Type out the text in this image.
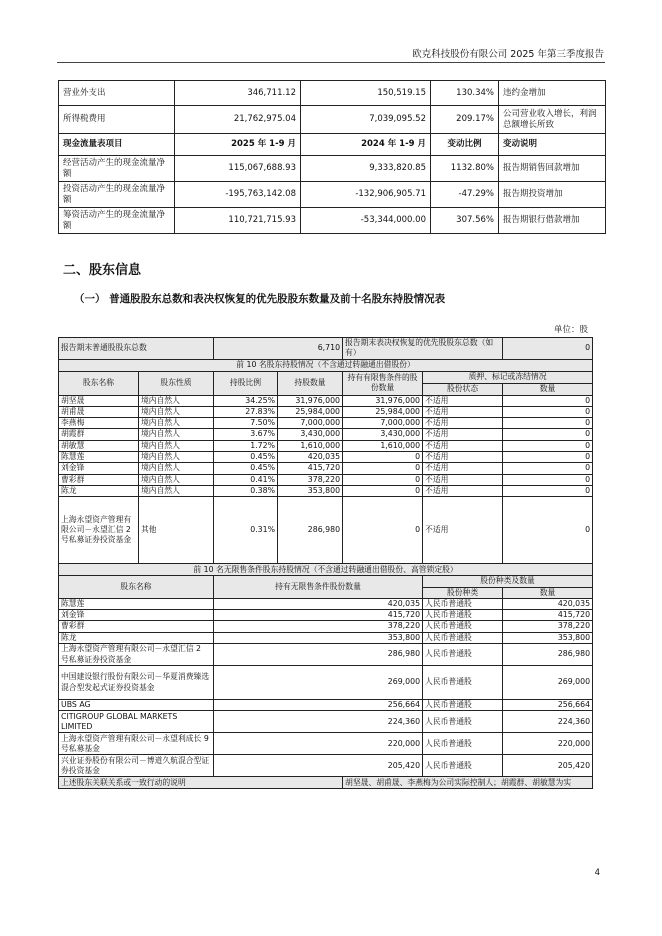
欧克科技股份有限公司 2025 年第三季度报告
营业外支出	346,711.12	150,519.15	130.34%	违约金增加
所得税费用	21,762,975.04	7,039,095.52	209.17%	公司营业收入增长，利润总额增长所致
现金流量表项目	2025 年 1-9 月	2024 年 1-9 月	变动比例	变动说明
经营活动产生的现金流量净额	115,067,688.93	9,333,820.85	1132.80%	报告期销售回款增加
投资活动产生的现金流量净额	-195,763,142.08	-132,906,905.71	-47.29%	报告期投资增加
筹资活动产生的现金流量净额	110,721,715.93	-53,344,000.00	307.56%	报告期银行借款增加
二、股东信息
（一） 普通股股东总数和表决权恢复的优先股股东数量及前十名股东持股情况表
单位：股
报告期末普通股股东总数		6,710		报告期末表决权恢复的优先股股东总数（如有）		0
前 10 名股东持股情况（不含通过转融通出借股份）						
股东名称	股东性质	持股比例	持股数量	持有有限售条件的股份数量	质押、标记或冻结情况	
					股份状态	数量
胡坚晟	境内自然人	34.25%	31,976,000	31,976,000	不适用	0
胡甫晟	境内自然人	27.83%	25,984,000	25,984,000	不适用	0
李燕梅	境内自然人	7.50%	7,000,000	7,000,000	不适用	0
胡霞群	境内自然人	3.67%	3,430,000	3,430,000	不适用	0
胡敏慧	境内自然人	1.72%	1,610,000	1,610,000	不适用	0
陈慧莲	境内自然人	0.45%	420,035	0	不适用	0
刘金锋	境内自然人	0.45%	415,720	0	不适用	0
曹彩群	境内自然人	0.41%	378,220	0	不适用	0
陈龙	境内自然人	0.38%	353,800	0	不适用	0
上海永望资产管理有限公司－永望汇信 2 号私募证券投资基金	其他	0.31%	286,980	0	不适用	0
前 10 名无限售条件股东持股情况（不含通过转融通出借股份、高管锁定股）						
股东名称		持有无限售条件股份数量			股份种类及数量	
					股份种类	数量
陈慧莲		420,035			人民币普通股	420,035
刘金锋		415,720			人民币普通股	415,720
曹彩群		378,220			人民币普通股	378,220
陈龙		353,800			人民币普通股	353,800
上海永望资产管理有限公司－永望汇信 2 号私募证券投资基金		286,980			人民币普通股	286,980
中国建设银行股份有限公司－华夏消费臻选混合型发起式证券投资基金		269,000			人民币普通股	269,000
UBS AG		256,664			人民币普通股	256,664
CITIGROUP GLOBAL MARKETS LIMITED		224,360			人民币普通股	224,360
上海永望资产管理有限公司－永望利成长 9 号私募基金		220,000			人民币普通股	220,000
兴业证券股份有限公司－博道久航混合型证券投资基金		205,420			人民币普通股	205,420
上述股东关联关系或一致行动的说明				胡坚晟、胡甫晟、李燕梅为公司实际控制人；胡霞群、胡敏慧为实		
4
